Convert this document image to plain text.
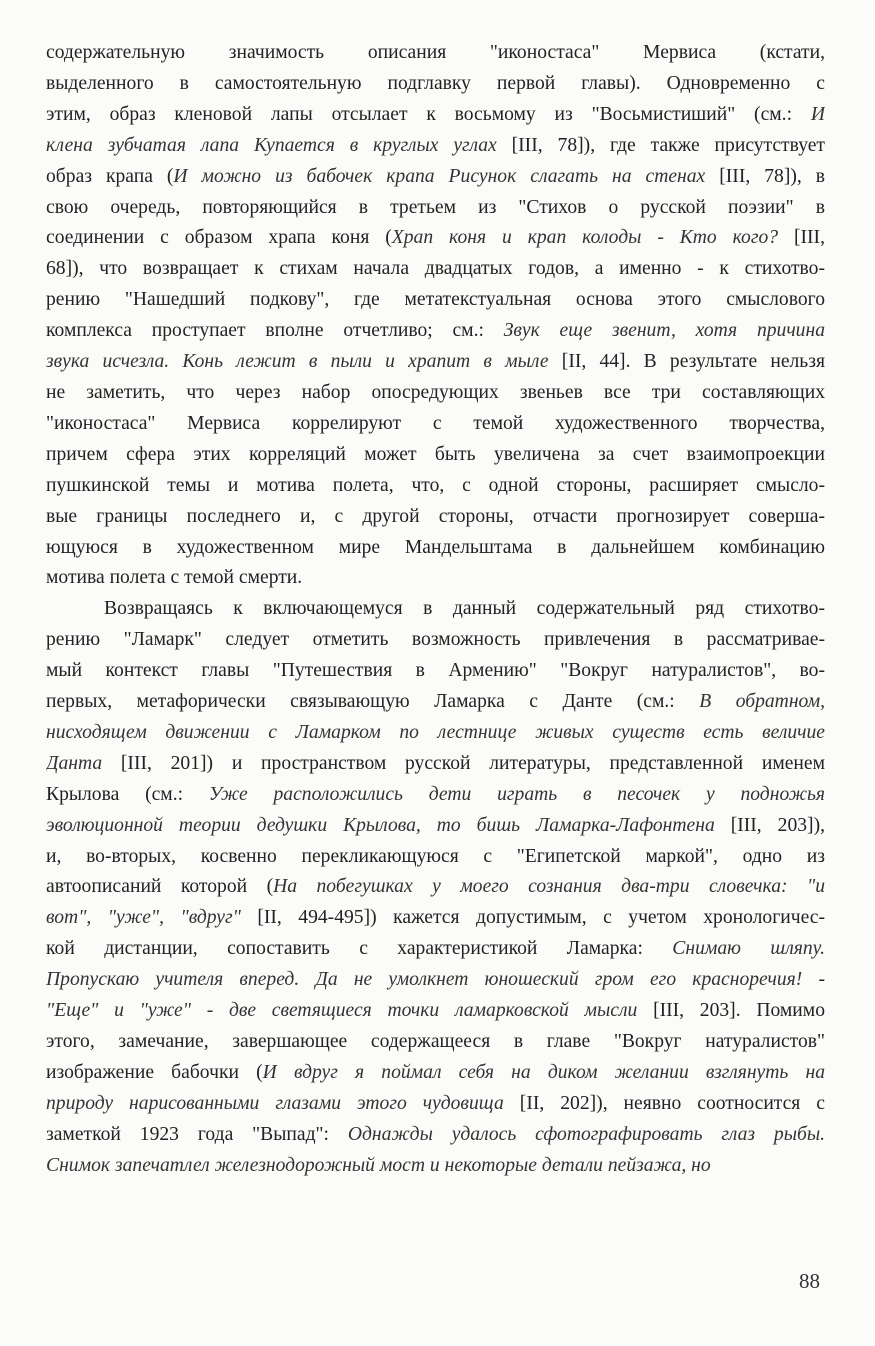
содержательную значимость описания "иконостаса" Мервиса (кстати,
выделенного в самостоятельную подглавку первой главы). Одновременно с
этим, образ кленовой лапы отсылает к восьмому из "Восьмистиший" (см.: И
клена зубчатая лапа Купается в круглых углах [III, 78]), где также присутствует
образ крапа (И можно из бабочек крапа Рисунок слагать на стенах [III, 78]), в
свою очередь, повторяющийся в третьем из "Стихов о русской поэзии" в
соединении с образом храпа коня (Храп коня и крап колоды - Кто кого? [III,
68]), что возвращает к стихам начала двадцатых годов, а именно - к стихотво-
рению "Нашедший подкову", где метатекстуальная основа этого смыслового
комплекса проступает вполне отчетливо; см.: Звук еще звенит, хотя причина
звука исчезла. Конь лежит в пыли и храпит в мыле [II, 44]. В результате нельзя
не заметить, что через набор опосредующих звеньев все три составляющих
"иконостаса" Мервиса коррелируют с темой художественного творчества,
причем сфера этих корреляций может быть увеличена за счет взаимопроекции
пушкинской темы и мотива полета, что, с одной стороны, расширяет смысло-
вые границы последнего и, с другой стороны, отчасти прогнозирует соверша-
ющуюся в художественном мире Мандельштама в дальнейшем комбинацию
мотива полета с темой смерти.

Возвращаясь к включающемуся в данный содержательный ряд стихотво-
рению "Ламарк" следует отметить возможность привлечения в рассматривае-
мый контекст главы "Путешествия в Армению" "Вокруг натуралистов", во-
первых, метафорически связывающую Ламарка с Данте (см.: В обратном,
нисходящем движении с Ламарком по лестнице живых существ есть величие
Данта [III, 201]) и пространством русской литературы, представленной именем
Крылова (см.: Уже расположились дети играть в песочек у подножья
эволюционной теории дедушки Крылова, то бишь Ламарка-Лафонтена [III, 203]),
и, во-вторых, косвенно перекликающуюся с "Египетской маркой", одно из
автоописаний которой (На побегушках у моего сознания два-три словечка: "и
вот", "уже", "вдруг" [II, 494-495]) кажется допустимым, с учетом хронологичес-
кой дистанции, сопоставить с характеристикой Ламарка: Снимаю шляпу.
Пропускаю учителя вперед. Да не умолкнет юношеский гром его красноречия! -
"Еще" и "уже" - две светящиеся точки ламарковской мысли [III, 203]. Помимо
этого, замечание, завершающее содержащееся в главе "Вокруг натуралистов"
изображение бабочки (И вдруг я поймал себя на диком желании взглянуть на
природу нарисованными глазами этого чудовища [II, 202]), неявно соотносится с
заметкой 1923 года "Выпад": Однажды удалось сфотографировать глаз рыбы.
Снимок запечатлел железнодорожный мост и некоторые детали пейзажа, но

88
